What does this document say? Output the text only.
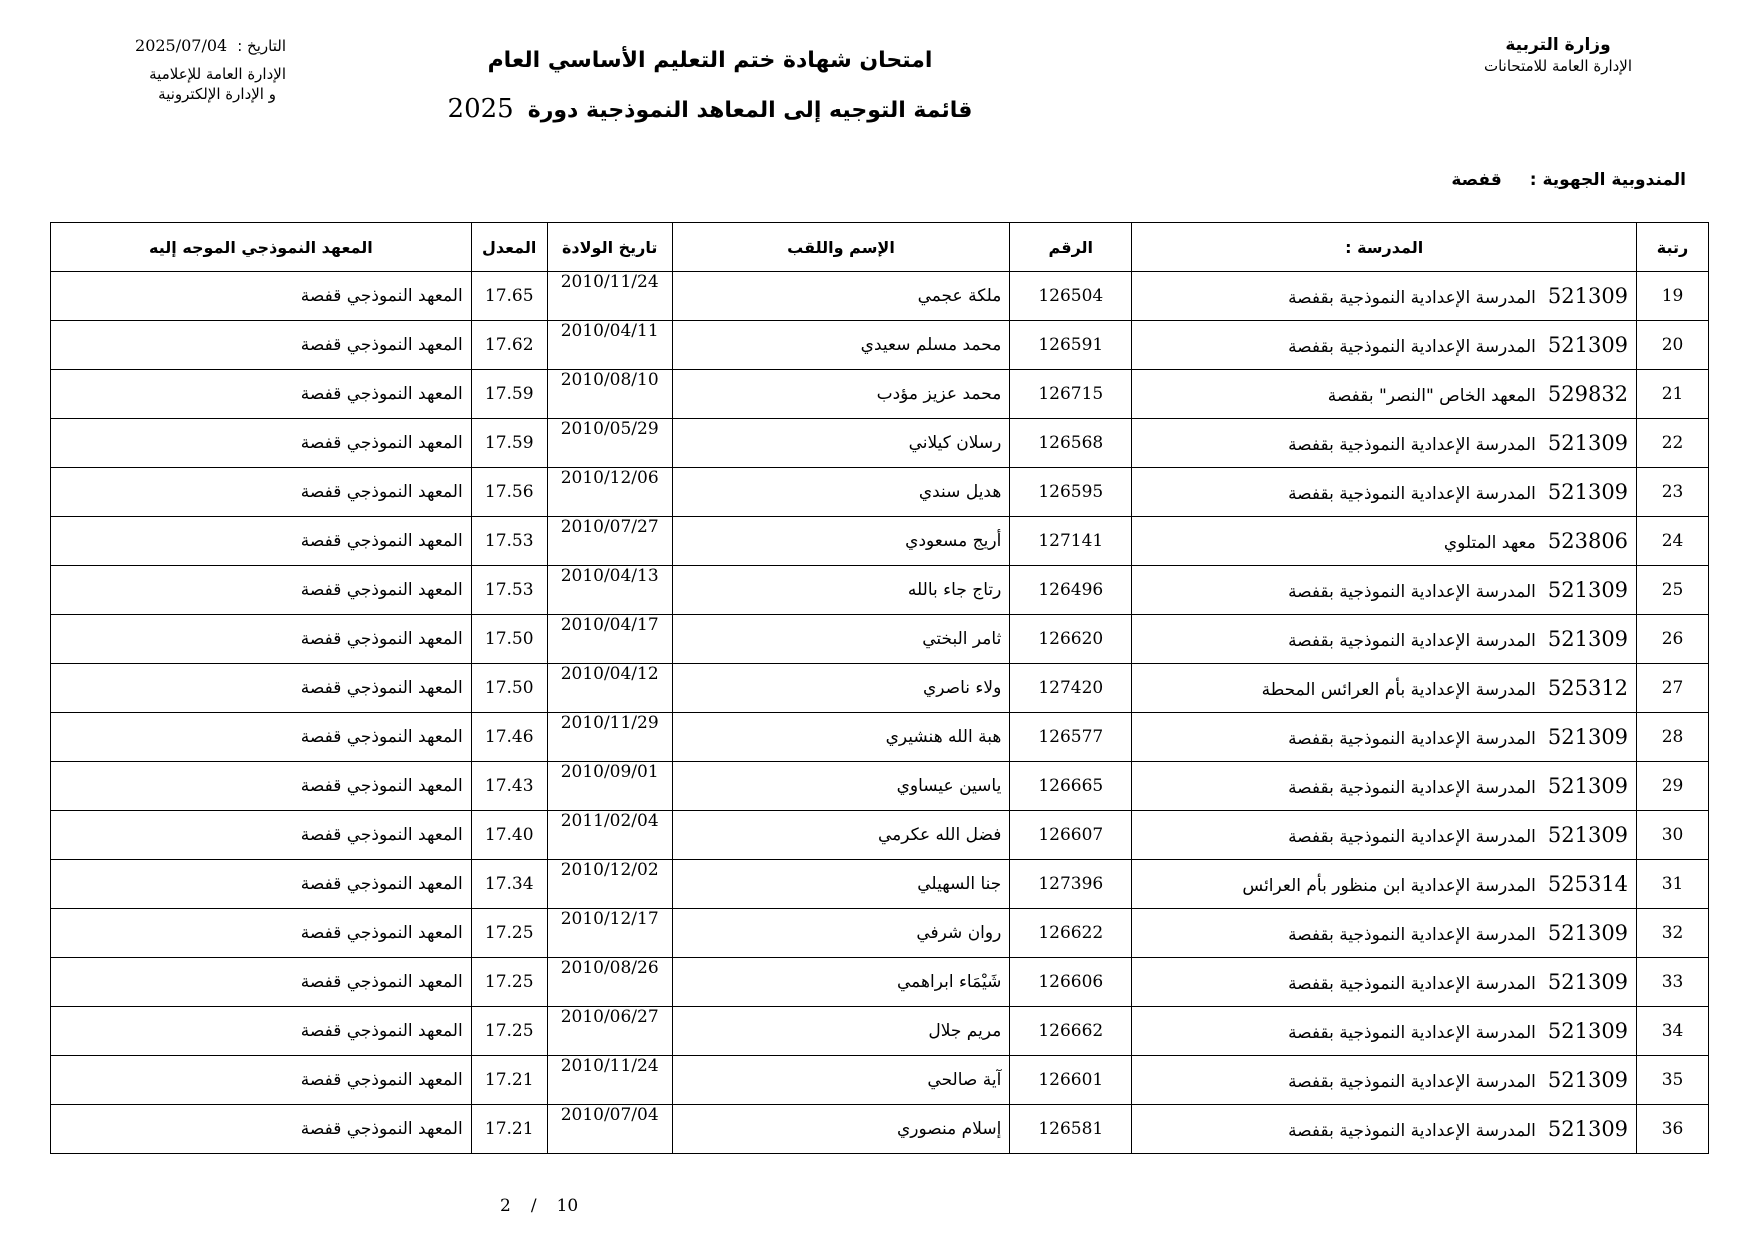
وزارة التربية
الإدارة العامة للامتحانات
امتحان شهادة ختم التعليم الأساسي العام
قائمة التوجيه إلى المعاهد النموذجية دورة2025
التاريخ :2025/07/04
الإدارة العامة للإعلامية
و الإدارة الإلكترونية
المندوبية الجهوية :قفصة
رتبة	المدرسة :	الرقم	الإسم واللقب	تاريخ الولادة	المعدل	المعهد النموذجي الموجه إليه
19	521309المدرسة الإعدادية النموذجية بقفصة	126504	ملكة عجمي	2010/11/24	17.65	المعهد النموذجي قفصة
20	521309المدرسة الإعدادية النموذجية بقفصة	126591	محمد مسلم سعيدي	2010/04/11	17.62	المعهد النموذجي قفصة
21	529832المعهد الخاص "النصر" بقفصة	126715	محمد عزيز مؤدب	2010/08/10	17.59	المعهد النموذجي قفصة
22	521309المدرسة الإعدادية النموذجية بقفصة	126568	رسلان كيلاني	2010/05/29	17.59	المعهد النموذجي قفصة
23	521309المدرسة الإعدادية النموذجية بقفصة	126595	هديل سندي	2010/12/06	17.56	المعهد النموذجي قفصة
24	523806معهد المتلوي	127141	أريج مسعودي	2010/07/27	17.53	المعهد النموذجي قفصة
25	521309المدرسة الإعدادية النموذجية بقفصة	126496	رتاج جاء بالله	2010/04/13	17.53	المعهد النموذجي قفصة
26	521309المدرسة الإعدادية النموذجية بقفصة	126620	ثامر البختي	2010/04/17	17.50	المعهد النموذجي قفصة
27	525312المدرسة الإعدادية بأم العرائس المحطة	127420	ولاء ناصري	2010/04/12	17.50	المعهد النموذجي قفصة
28	521309المدرسة الإعدادية النموذجية بقفصة	126577	هبة الله هنشيري	2010/11/29	17.46	المعهد النموذجي قفصة
29	521309المدرسة الإعدادية النموذجية بقفصة	126665	ياسين عيساوي	2010/09/01	17.43	المعهد النموذجي قفصة
30	521309المدرسة الإعدادية النموذجية بقفصة	126607	فضل الله عكرمي	2011/02/04	17.40	المعهد النموذجي قفصة
31	525314المدرسة الإعدادية ابن منظور بأم العرائس	127396	جنا السهيلي	2010/12/02	17.34	المعهد النموذجي قفصة
32	521309المدرسة الإعدادية النموذجية بقفصة	126622	روان شرفي	2010/12/17	17.25	المعهد النموذجي قفصة
33	521309المدرسة الإعدادية النموذجية بقفصة	126606	شَيْمَاء ابراهمي	2010/08/26	17.25	المعهد النموذجي قفصة
34	521309المدرسة الإعدادية النموذجية بقفصة	126662	مريم جلال	2010/06/27	17.25	المعهد النموذجي قفصة
35	521309المدرسة الإعدادية النموذجية بقفصة	126601	آية صالحي	2010/11/24	17.21	المعهد النموذجي قفصة
36	521309المدرسة الإعدادية النموذجية بقفصة	126581	إسلام منصوري	2010/07/04	17.21	المعهد النموذجي قفصة
2 / 10
